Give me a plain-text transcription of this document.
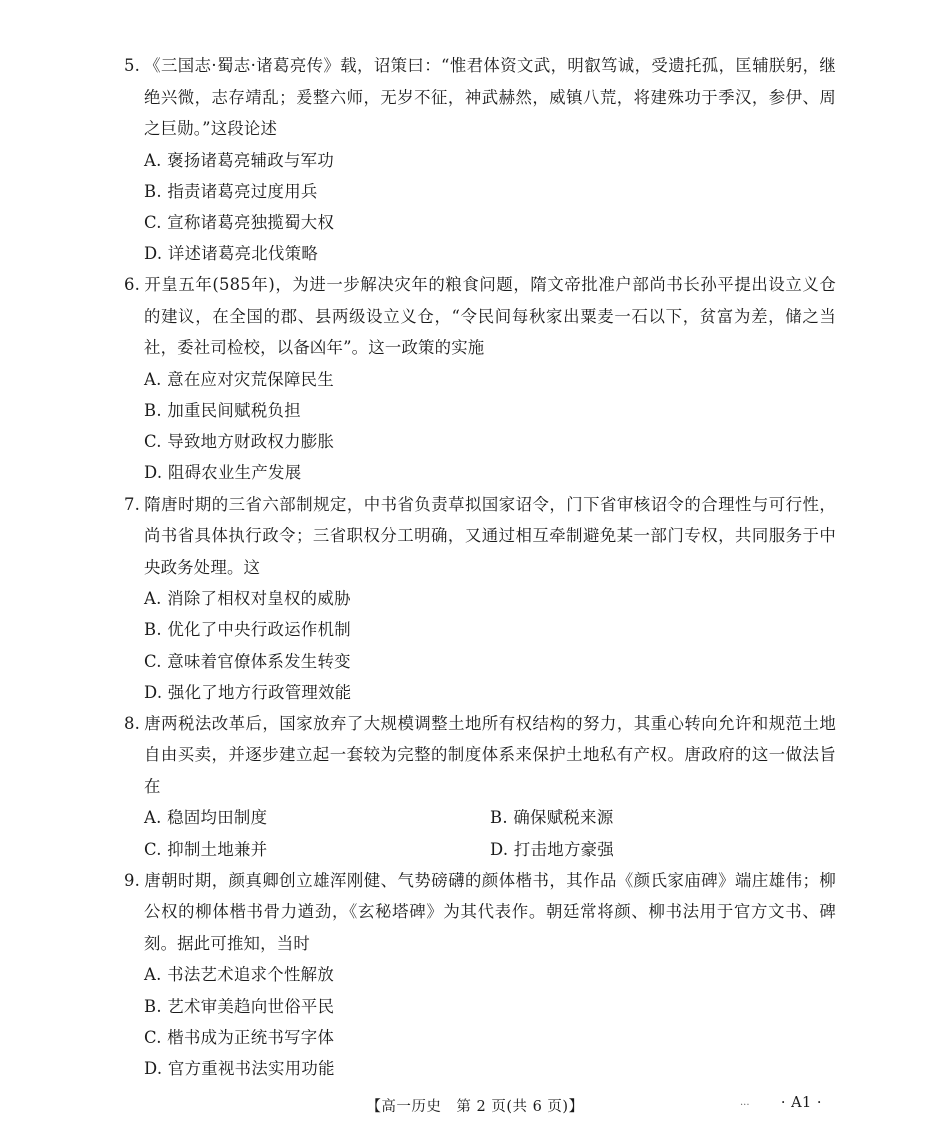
5. 《三国志·蜀志·诸葛亮传》载，诏策曰：“惟君体资文武，明叡笃诚，受遗托孤，匡辅朕躬，继绝兴微，志存靖乱；爰整六师，无岁不征，神武赫然，威镇八荒，将建殊功于季汉，参伊、周之巨勋。”这段论述

A. 褒扬诸葛亮辅政与军功

B. 指责诸葛亮过度用兵

C. 宣称诸葛亮独揽蜀大权

D. 详述诸葛亮北伐策略

6. 开皇五年(585年)，为进一步解决灾年的粮食问题，隋文帝批准户部尚书长孙平提出设立义仓的建议，在全国的郡、县两级设立义仓，“令民间每秋家出粟麦一石以下，贫富为差，储之当社，委社司检校，以备凶年”。这一政策的实施

A. 意在应对灾荒保障民生

B. 加重民间赋税负担

C. 导致地方财政权力膨胀

D. 阻碍农业生产发展

7. 隋唐时期的三省六部制规定，中书省负责草拟国家诏令，门下省审核诏令的合理性与可行性，尚书省具体执行政令；三省职权分工明确，又通过相互牵制避免某一部门专权，共同服务于中央政务处理。这

A. 消除了相权对皇权的威胁

B. 优化了中央行政运作机制

C. 意味着官僚体系发生转变

D. 强化了地方行政管理效能

8. 唐两税法改革后，国家放弃了大规模调整土地所有权结构的努力，其重心转向允许和规范土地自由买卖，并逐步建立起一套较为完整的制度体系来保护土地私有产权。唐政府的这一做法旨在

A. 稳固均田制度	B. 确保赋税来源

C. 抑制土地兼并	D. 打击地方豪强

9. 唐朝时期，颜真卿创立雄浑刚健、气势磅礴的颜体楷书，其作品《颜氏家庙碑》端庄雄伟；柳公权的柳体楷书骨力遒劲，《玄秘塔碑》为其代表作。朝廷常将颜、柳书法用于官方文书、碑刻。据此可推知，当时

A. 书法艺术追求个性解放

B. 艺术审美趋向世俗平民

C. 楷书成为正统书写字体

D. 官方重视书法实用功能

【高一历史　第 2 页(共 6 页)】	... · A1 ·
